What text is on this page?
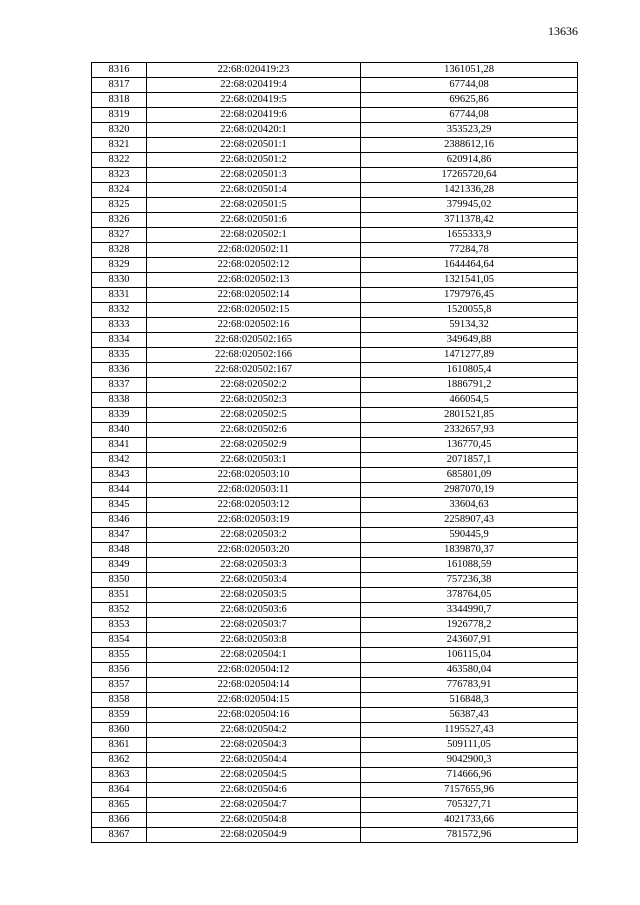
13636
8316	22:68:020419:23	1361051,28
8317	22:68:020419:4	67744,08
8318	22:68:020419:5	69625,86
8319	22:68:020419:6	67744,08
8320	22:68:020420:1	353523,29
8321	22:68:020501:1	2388612,16
8322	22:68:020501:2	620914,86
8323	22:68:020501:3	17265720,64
8324	22:68:020501:4	1421336,28
8325	22:68:020501:5	379945,02
8326	22:68:020501:6	3711378,42
8327	22:68:020502:1	1655333,9
8328	22:68:020502:11	77284,78
8329	22:68:020502:12	1644464,64
8330	22:68:020502:13	1321541,05
8331	22:68:020502:14	1797976,45
8332	22:68:020502:15	1520055,8
8333	22:68:020502:16	59134,32
8334	22:68:020502:165	349649,88
8335	22:68:020502:166	1471277,89
8336	22:68:020502:167	1610805,4
8337	22:68:020502:2	1886791,2
8338	22:68:020502:3	466054,5
8339	22:68:020502:5	2801521,85
8340	22:68:020502:6	2332657,93
8341	22:68:020502:9	136770,45
8342	22:68:020503:1	2071857,1
8343	22:68:020503:10	685801,09
8344	22:68:020503:11	2987070,19
8345	22:68:020503:12	33604,63
8346	22:68:020503:19	2258907,43
8347	22:68:020503:2	590445,9
8348	22:68:020503:20	1839870,37
8349	22:68:020503:3	161088,59
8350	22:68:020503:4	757236,38
8351	22:68:020503:5	378764,05
8352	22:68:020503:6	3344990,7
8353	22:68:020503:7	1926778,2
8354	22:68:020503:8	243607,91
8355	22:68:020504:1	106115,04
8356	22:68:020504:12	463580,04
8357	22:68:020504:14	776783,91
8358	22:68:020504:15	516848,3
8359	22:68:020504:16	56387,43
8360	22:68:020504:2	1195527,43
8361	22:68:020504:3	509111,05
8362	22:68:020504:4	9042900,3
8363	22:68:020504:5	714666,96
8364	22:68:020504:6	7157655,96
8365	22:68:020504:7	705327,71
8366	22:68:020504:8	4021733,66
8367	22:68:020504:9	781572,96
